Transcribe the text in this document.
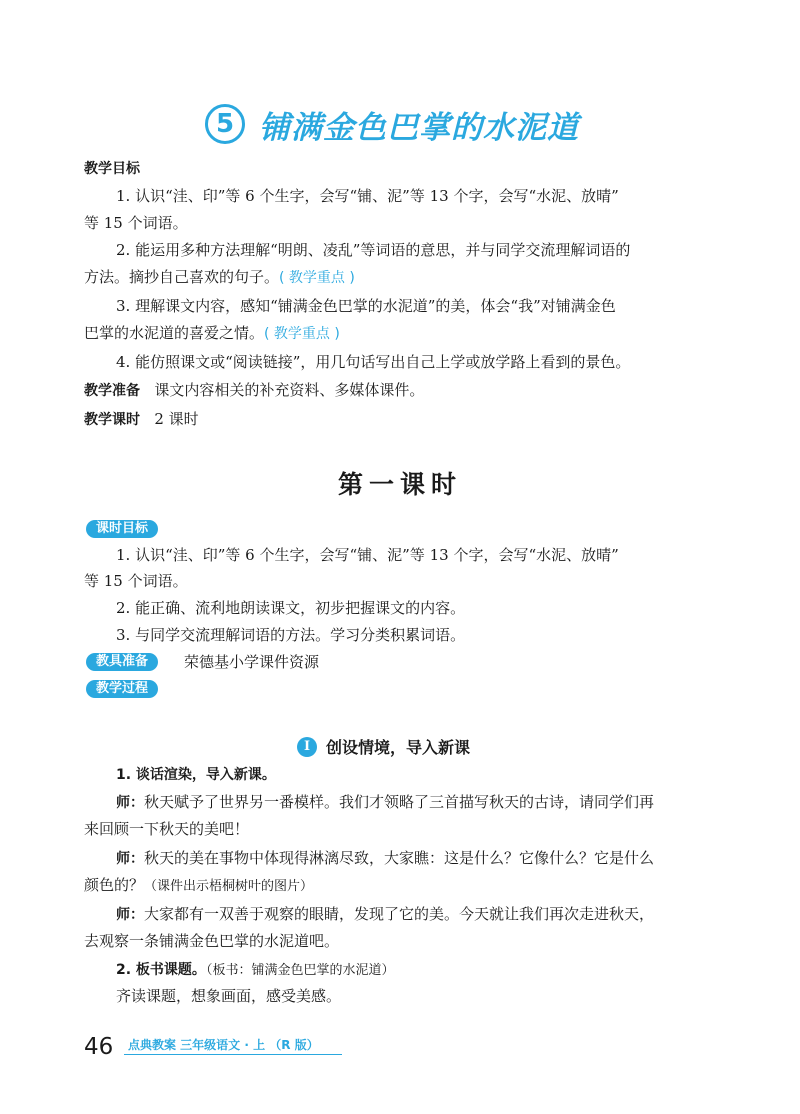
5 铺满金色巴掌的水泥道
教学目标
1. 认识“洼、印”等 6 个生字，会写“铺、泥”等 13 个字，会写“水泥、放晴”
等 15 个词语。
2. 能运用多种方法理解“明朗、凌乱”等词语的意思，并与同学交流理解词语的
方法。摘抄自己喜欢的句子。( 教学重点 )
3. 理解课文内容，感知“铺满金色巴掌的水泥道”的美，体会“我”对铺满金色
巴掌的水泥道的喜爱之情。( 教学重点 )
4. 能仿照课文或“阅读链接”，用几句话写出自己上学或放学路上看到的景色。
教学准备 课文内容相关的补充资料、多媒体课件。
教学课时 2 课时
第一课时
课时目标
1. 认识“洼、印”等 6 个生字，会写“铺、泥”等 13 个字，会写“水泥、放晴”
等 15 个词语。
2. 能正确、流利地朗读课文，初步把握课文的内容。
3. 与同学交流理解词语的方法。学习分类积累词语。
教具准备	荣德基小学课件资源
教学过程
I 创设情境，导入新课
1. 谈话渲染，导入新课。
师：秋天赋予了世界另一番模样。我们才领略了三首描写秋天的古诗，请同学们再
来回顾一下秋天的美吧！
师：秋天的美在事物中体现得淋漓尽致，大家瞧：这是什么？它像什么？它是什么
颜色的？（课件出示梧桐树叶的图片）
师：大家都有一双善于观察的眼睛，发现了它的美。今天就让我们再次走进秋天，
去观察一条铺满金色巴掌的水泥道吧。
2. 板书课题。（板书：铺满金色巴掌的水泥道）
齐读课题，想象画面，感受美感。
46 点典教案 三年级语文 · 上 （R 版）
